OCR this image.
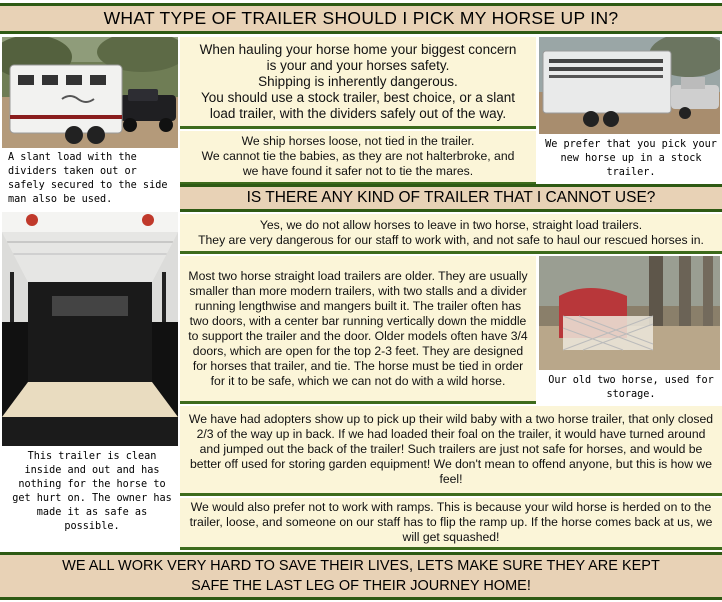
WHAT TYPE OF TRAILER SHOULD I PICK MY HORSE UP IN?
A slant load with the dividers taken out or safely secured to the side man also be used.

When hauling your horse home your biggest concern

is your and your horses safety.

Shipping is inherently dangerous.

You should use a stock trailer, best choice, or a slant

load trailer, with the dividers safely out of the way.

We ship horses loose, not tied in the trailer.

We cannot tie the babies, as they are not halterbroke, and

we have found it safer not to tie the mares.

We prefer that you pick your new horse up in a stock trailer.
IS THERE ANY KIND OF TRAILER THAT I CANNOT USE?

Yes, we do not allow horses to leave in two horse, straight load trailers.

They are very dangerous for our staff to work with, and not safe to haul our rescued horses in.

This trailer is clean inside and out and has nothing for the horse to get hurt on. The owner has made it as safe as possible.

Most two horse straight load trailers are older. They are usually smaller than more modern trailers, with two stalls and a divider running lengthwise and mangers built it. The trailer often has two doors, with a center bar running vertically down the middle to support the trailer and the door. Older models often have 3/4 doors, which are open for the top 2-3 feet. They are designed for horses that trailer, and tie. The horse must be tied in order for it to be safe, which we can not do with a wild horse.	Our old two horse, used for storage.

We have had adopters show up to pick up their wild baby with a two horse trailer, that only closed 2/3 of the way up in back. If we had loaded their foal on the trailer, it would have turned around and jumped out the back of the trailer! Such trailers are just not safe for horses, and would be better off used for storing garden equipment! We don't mean to offend anyone, but this is how we feel!

We would also prefer not to work with ramps. This is because your wild horse is herded on to the trailer, loose, and someone on our staff has to flip the ramp up. If the horse comes back at us, we will get squashed!

WE ALL WORK VERY HARD TO SAVE THEIR LIVES, LETS MAKE SURE THEY ARE KEPT
SAFE THE LAST LEG OF THEIR JOURNEY HOME!
